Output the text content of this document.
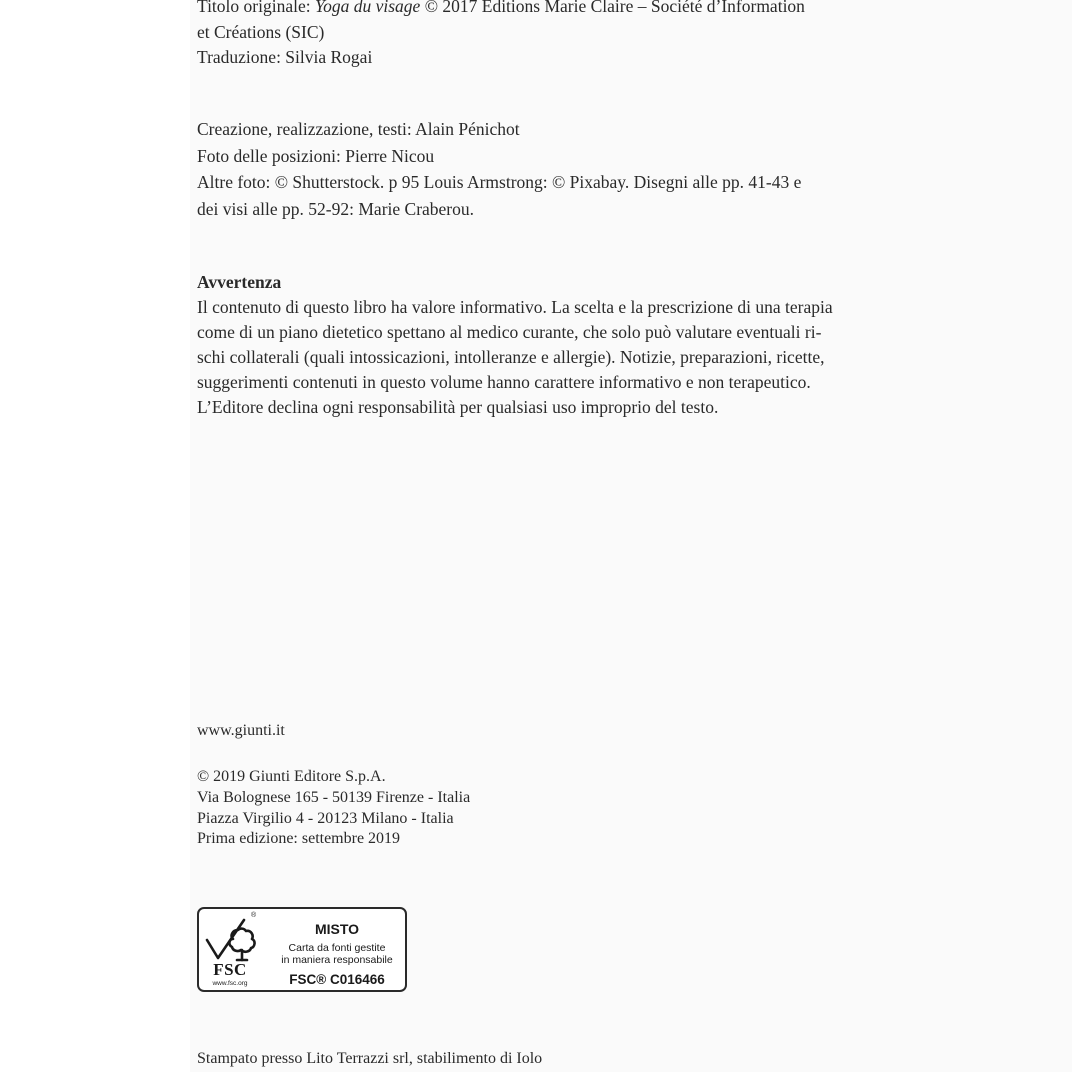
Titolo originale: Yoga du visage © 2017 Editions Marie Claire – Société d’Information
et Créations (SIC)
Traduzione: Silvia Rogai
Creazione, realizzazione, testi: Alain Pénichot
Foto delle posizioni: Pierre Nicou
Altre foto: © Shutterstock. p 95 Louis Armstrong: © Pixabay. Disegni alle pp. 41-43 e
dei visi alle pp. 52-92: Marie Craberou.
Avvertenza
Il contenuto di questo libro ha valore informativo. La scelta e la prescrizione di una terapia
come di un piano dietetico spettano al medico curante, che solo può valutare eventuali ri-
schi collaterali (quali intossicazioni, intolleranze e allergie). Notizie, preparazioni, ricette,
suggerimenti contenuti in questo volume hanno carattere informativo e non terapeutico.
L’Editore declina ogni responsabilità per qualsiasi uso improprio del testo.
www.giunti.it
© 2019 Giunti Editore S.p.A.
Via Bolognese 165 - 50139 Firenze - Italia
Piazza Virgilio 4 - 20123 Milano - Italia
Prima edizione: settembre 2019
®
FSC
www.fsc.org
MISTO
Carta da fonti gestite
in maniera responsabile
FSC® C016466
Stampato presso Lito Terrazzi srl, stabilimento di Iolo
